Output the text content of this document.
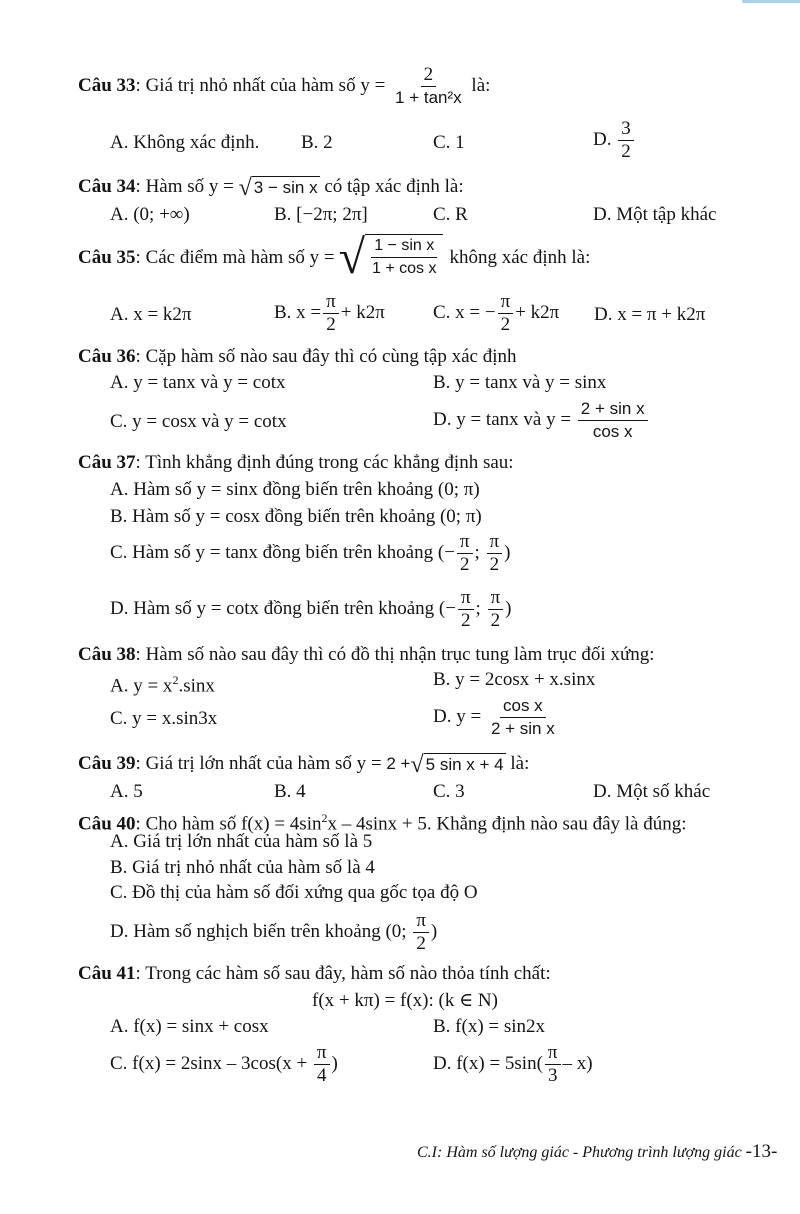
Câu 33: Giá trị nhỏ nhất của hàm số $y = \frac{2}{\text{1 + tan²x}}$ là:
A. Không xác định. B. 2	C. 1	D. $\frac{3}{2}$
Câu 34: Hàm số y = √ 3 − sin x có tập xác định là:
A. (0; +∞)	B. [−2π; 2π]	C. R	D. Một tập khác
Câu 35 : Các điểm mà hàm số y = √ $\frac{\text{1 − sin x}}{\text{1 + cos x}}$ không xác định là:
A. x = k2π	B. $x = \frac{\pi}{2} + k2\pi$	C. x = − $\frac{\pi}{2} + k2\pi$ D. x = π + k2π
Câu 36: Cặp hàm số nào sau đây thì có cùng tập xác định
A. y = tanx và y = cotx	B. y = tanx và y = sinx
C. y = cosx và y = cotx	D. y = tanx và $y = \frac{\text{2 + sin x}}{\text{cos x}}$
Câu 37: Tình khẳng định đúng trong các khẳng định sau:
A. Hàm số y = sinx đồng biến trên khoảng (0; π)
B. Hàm số y = cosx đồng biến trên khoảng (0; π)
C. Hàm số y = tanx đồng biến trên khoảng (− $\frac{\pi}{2}$ ; $\frac{\pi}{2}$ )
D. Hàm số y = cotx đồng biến trên khoảng (− $\frac{\pi}{2}$ ; $\frac{\pi}{2}$ )
Câu 38: Hàm số nào sau đây thì có đồ thị nhận trục tung làm trục đối xứng:
A. $y = x^2.\sin x$	B. y = 2cosx + x.sinx
C. y = x.sin3x	D. $y = \frac{\text{cos x}}{\text{2 + sin x}}$
Câu 39: Giá trị lớn nhất của hàm số y = 2 + √ 5 sin x + 4 là:
A. 5	B. 4	C. 3	D. Một số khác
Câu 40: Cho hàm số $f(x) = 4\sin^2x - 4\sin x + 5$. Khẳng định nào sau đây là đúng:
A. Giá trị lớn nhất của hàm số là 5
B. Giá trị nhỏ nhất của hàm số là 4
C. Đồ thị của hàm số đối xứng qua gốc tọa độ O
D. Hàm số nghịch biến trên khoảng (0; $\frac{\pi}{2}$ )
Câu 41: Trong các hàm số sau đây, hàm số nào thỏa tính chất:
f(x + kπ) = f(x): (k ∈ N)
A. f(x) = sinx + cosx	B. f(x) = sin2x
C. $f(x) = 2\sin x - 3\cos(x + \frac{\pi}{4}$ )	D. $f(x) = 5\sin( \frac{\pi}{3} - x)$
C.I: Hàm số lượng giác - Phương trình lượng giác -13-
